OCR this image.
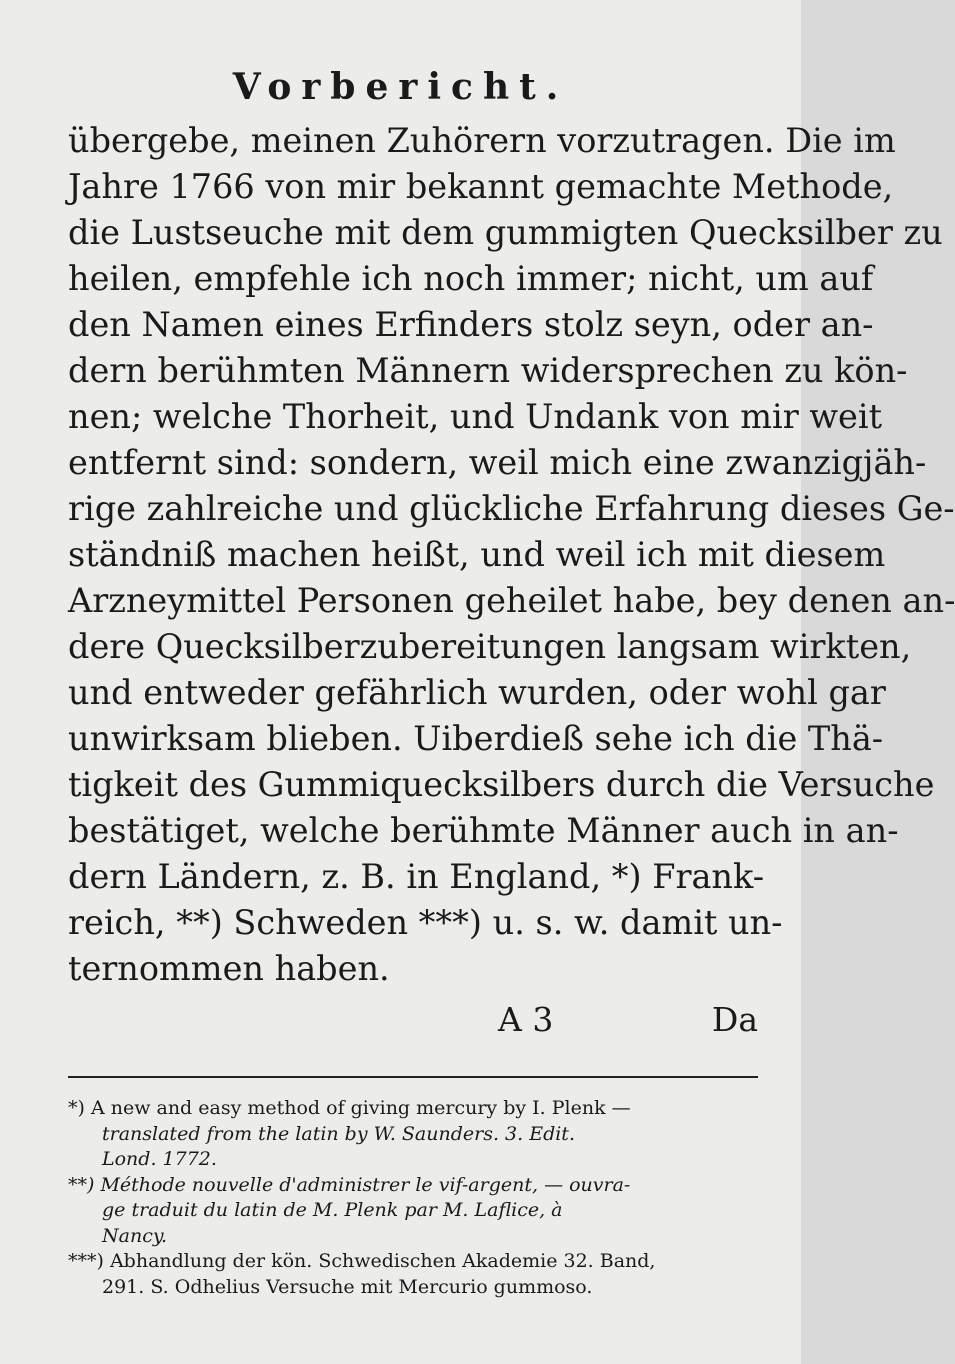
Vorbericht.
übergebe, meinen Zuhörern vorzutragen. Die im
Jahre 1766 von mir bekannt gemachte Methode,
die Lustseuche mit dem gummigten Quecksilber zu
heilen, empfehle ich noch immer; nicht, um auf
den Namen eines Erfinders stolz seyn, oder an-
dern berühmten Männern widersprechen zu kön-
nen; welche Thorheit, und Undank von mir weit
entfernt sind: sondern, weil mich eine zwanzigjäh-
rige zahlreiche und glückliche Erfahrung dieses Ge-
ständniß machen heißt, und weil ich mit diesem
Arzneymittel Personen geheilet habe, bey denen an-
dere Quecksilberzubereitungen langsam wirkten,
und entweder gefährlich wurden, oder wohl gar
unwirksam blieben. Uiberdieß sehe ich die Thä-
tigkeit des Gummiquecksilbers durch die Versuche
bestätiget, welche berühmte Männer auch in an-
dern Ländern, z. B. in England, *) Frank-
reich, **) Schweden ***) u. s. w. damit un-
ternommen haben.
A 3	Da
*) A new and easy method of giving mercury by I. Plenk —
translated from the latin by W. Saunders. 3. Edit.
Lond. 1772.
**) Méthode nouvelle d'administrer le vif-argent, — ouvra-
ge traduit du latin de M. Plenk par M. Laflice, à
Nancy.
***) Abhandlung der kön. Schwedischen Akademie 32. Band,
291. S. Odhelius Versuche mit Mercurio gummoso.
